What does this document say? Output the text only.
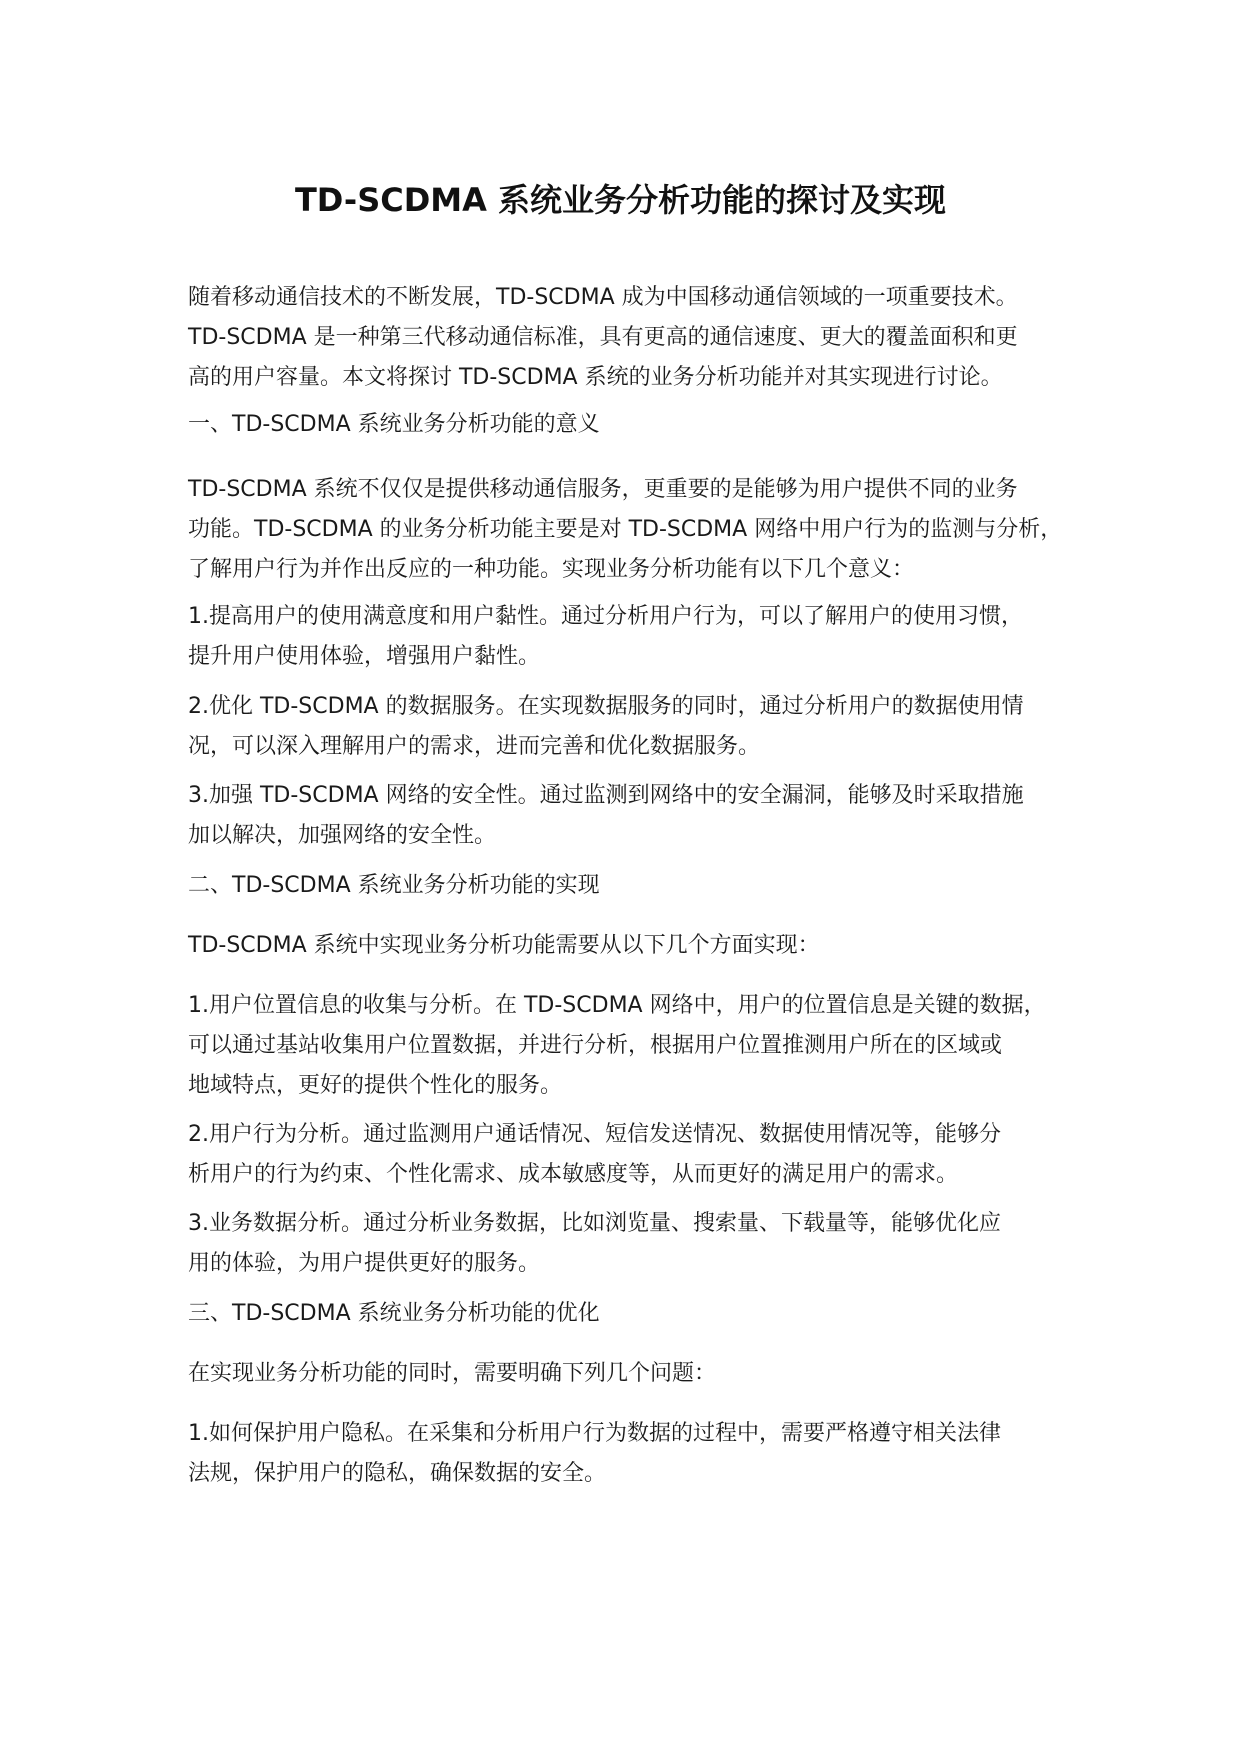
TD-SCDMA 系统业务分析功能的探讨及实现

随着移动通信技术的不断发展，TD-SCDMA 成为中国移动通信领域的一项重要技术。
TD-SCDMA 是一种第三代移动通信标准，具有更高的通信速度、更大的覆盖面积和更
高的用户容量。本文将探讨 TD-SCDMA 系统的业务分析功能并对其实现进行讨论。

一、TD-SCDMA 系统业务分析功能的意义

TD-SCDMA 系统不仅仅是提供移动通信服务，更重要的是能够为用户提供不同的业务
功能。TD-SCDMA 的业务分析功能主要是对 TD-SCDMA 网络中用户行为的监测与分析，
了解用户行为并作出反应的一种功能。实现业务分析功能有以下几个意义：

1.提高用户的使用满意度和用户黏性。通过分析用户行为，可以了解用户的使用习惯，
提升用户使用体验，增强用户黏性。

2.优化 TD-SCDMA 的数据服务。在实现数据服务的同时，通过分析用户的数据使用情
况，可以深入理解用户的需求，进而完善和优化数据服务。

3.加强 TD-SCDMA 网络的安全性。通过监测到网络中的安全漏洞，能够及时采取措施
加以解决，加强网络的安全性。

二、TD-SCDMA 系统业务分析功能的实现

TD-SCDMA 系统中实现业务分析功能需要从以下几个方面实现：

1.用户位置信息的收集与分析。在 TD-SCDMA 网络中，用户的位置信息是关键的数据，
可以通过基站收集用户位置数据，并进行分析，根据用户位置推测用户所在的区域或
地域特点，更好的提供个性化的服务。

2.用户行为分析。通过监测用户通话情况、短信发送情况、数据使用情况等，能够分
析用户的行为约束、个性化需求、成本敏感度等，从而更好的满足用户的需求。

3.业务数据分析。通过分析业务数据，比如浏览量、搜索量、下载量等，能够优化应
用的体验，为用户提供更好的服务。

三、TD-SCDMA 系统业务分析功能的优化

在实现业务分析功能的同时，需要明确下列几个问题：

1.如何保护用户隐私。在采集和分析用户行为数据的过程中，需要严格遵守相关法律
法规，保护用户的隐私，确保数据的安全。
